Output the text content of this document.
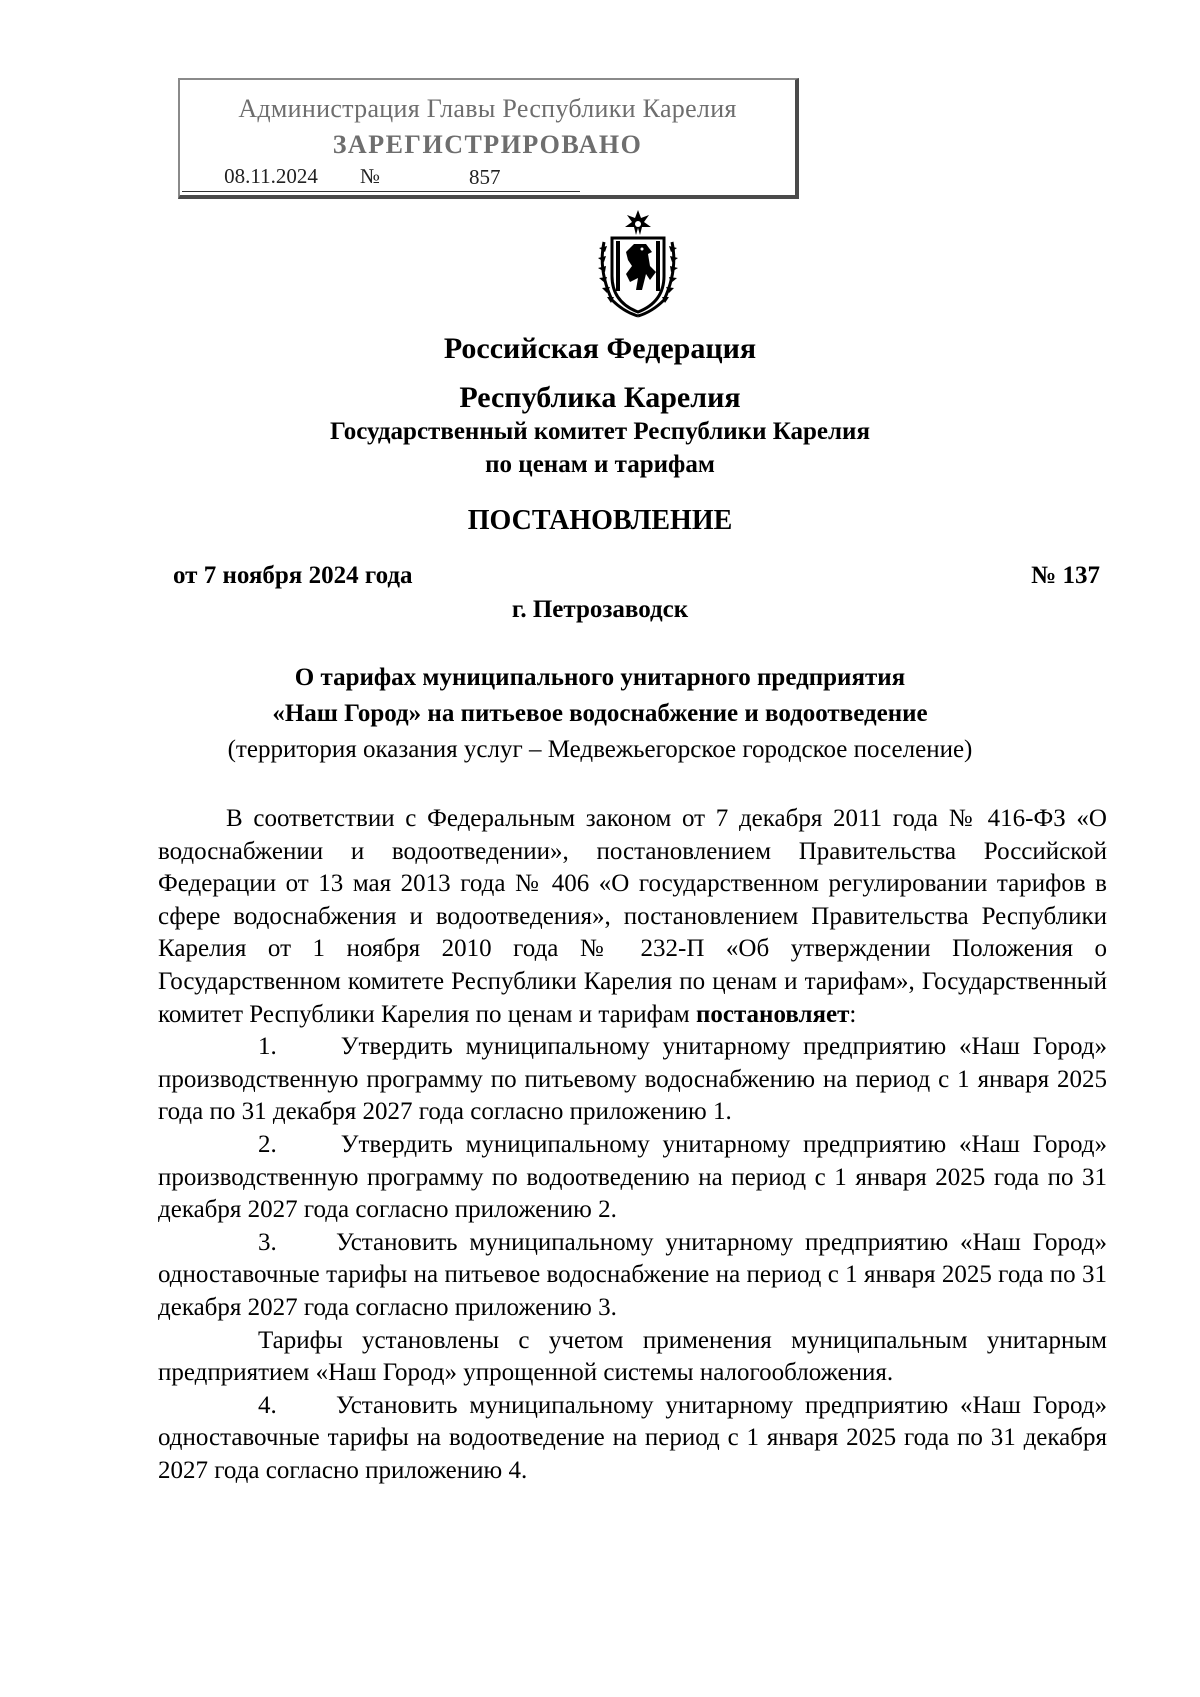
Администрация Главы Республики Карелия
ЗАРЕГИСТРИРОВАНО
08.11.2024	№	857
Российская Федерация
Республика Карелия
Государственный комитет Республики Карелия
по ценам и тарифам
ПОСТАНОВЛЕНИЕ
от 7 ноября 2024 года	№ 137
г. Петрозаводск
О тарифах муниципального унитарного предприятия
«Наш Город» на питьевое водоснабжение и водоотведение
(территория оказания услуг – Медвежьегорское городское поселение)

В соответствии с Федеральным законом от 7 декабря 2011 года № 416-ФЗ «О водоснабжении и водоотведении», постановлением Правительства Российской Федерации от 13 мая 2013 года № 406 «О государственном регулировании тарифов в сфере водоснабжения и водоотведения», постановлением Правительства Республики Карелия от 1 ноября 2010 года № 232-П «Об утверждении Положения о Государственном комитете Республики Карелия по ценам и тарифам», Государственный комитет Республики Карелия по ценам и тарифам постановляет:

1.     Утвердить муниципальному унитарному предприятию «Наш Город» производственную программу по питьевому водоснабжению на период с 1 января 2025 года по 31 декабря 2027 года согласно приложению 1.

2.     Утвердить муниципальному унитарному предприятию «Наш Город» производственную программу по водоотведению на период с 1 января 2025 года по 31 декабря 2027 года согласно приложению 2.

3.     Установить муниципальному унитарному предприятию «Наш Город» одноставочные тарифы на питьевое водоснабжение на период с 1 января 2025 года по 31 декабря 2027 года согласно приложению 3.

Тарифы установлены с учетом применения муниципальным унитарным предприятием «Наш Город» упрощенной системы налогообложения.

4.     Установить муниципальному унитарному предприятию «Наш Город» одноставочные тарифы на водоотведение на период с 1 января 2025 года по 31 декабря 2027 года согласно приложению 4.
